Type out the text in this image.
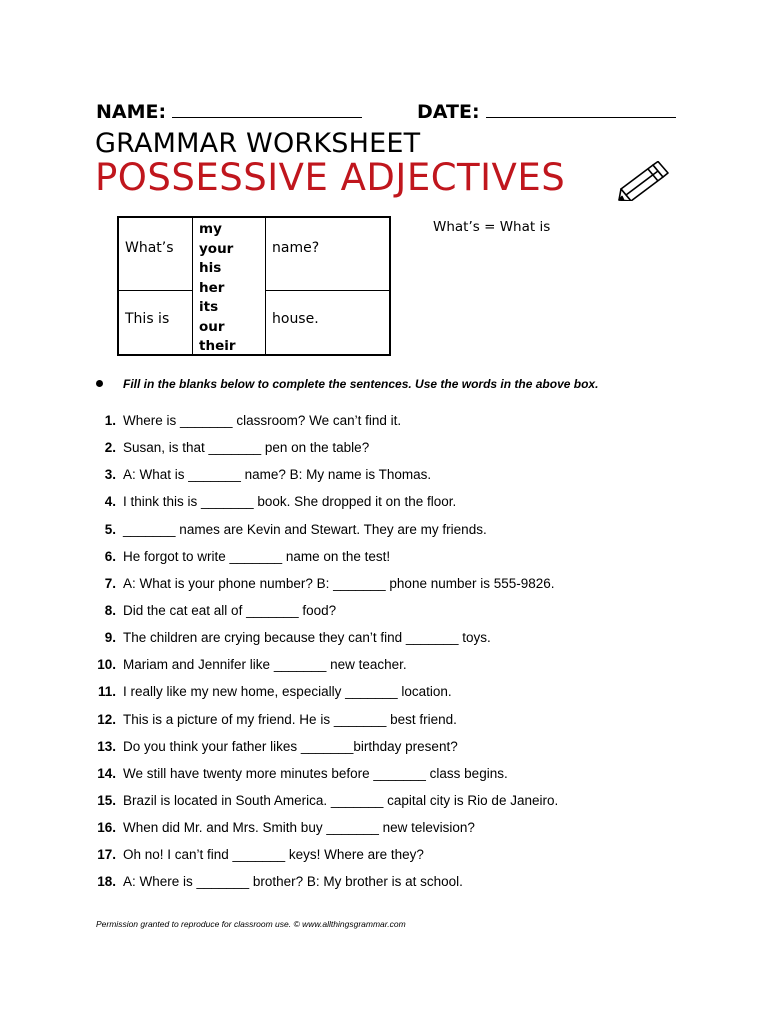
NAME:	DATE:
GRAMMAR WORKSHEET
POSSESSIVE ADJECTIVES
What’s
This is
name?
house.
my
your
his
her
its
our
their
What’s = What is
Fill in the blanks below to complete the sentences. Use the words in the above box.
1. Where is _______ classroom? We can’t find it.
2. Susan, is that _______ pen on the table?
3. A: What is _______ name? B: My name is Thomas.
4. I think this is _______ book. She dropped it on the floor.
5. _______ names are Kevin and Stewart. They are my friends.
6. He forgot to write _______ name on the test!
7. A: What is your phone number? B: _______ phone number is 555-9826.
8. Did the cat eat all of _______ food?
9. The children are crying because they can’t find _______ toys.
10. Mariam and Jennifer like _______ new teacher.
11. I really like my new home, especially _______ location.
12. This is a picture of my friend. He is _______ best friend.
13. Do you think your father likes _______birthday present?
14. We still have twenty more minutes before _______ class begins.
15. Brazil is located in South America. _______ capital city is Rio de Janeiro.
16. When did Mr. and Mrs. Smith buy _______ new television?
17. Oh no! I can’t find _______ keys! Where are they?
18. A: Where is _______ brother? B: My brother is at school.
Permission granted to reproduce for classroom use. © www.allthingsgrammar.com
